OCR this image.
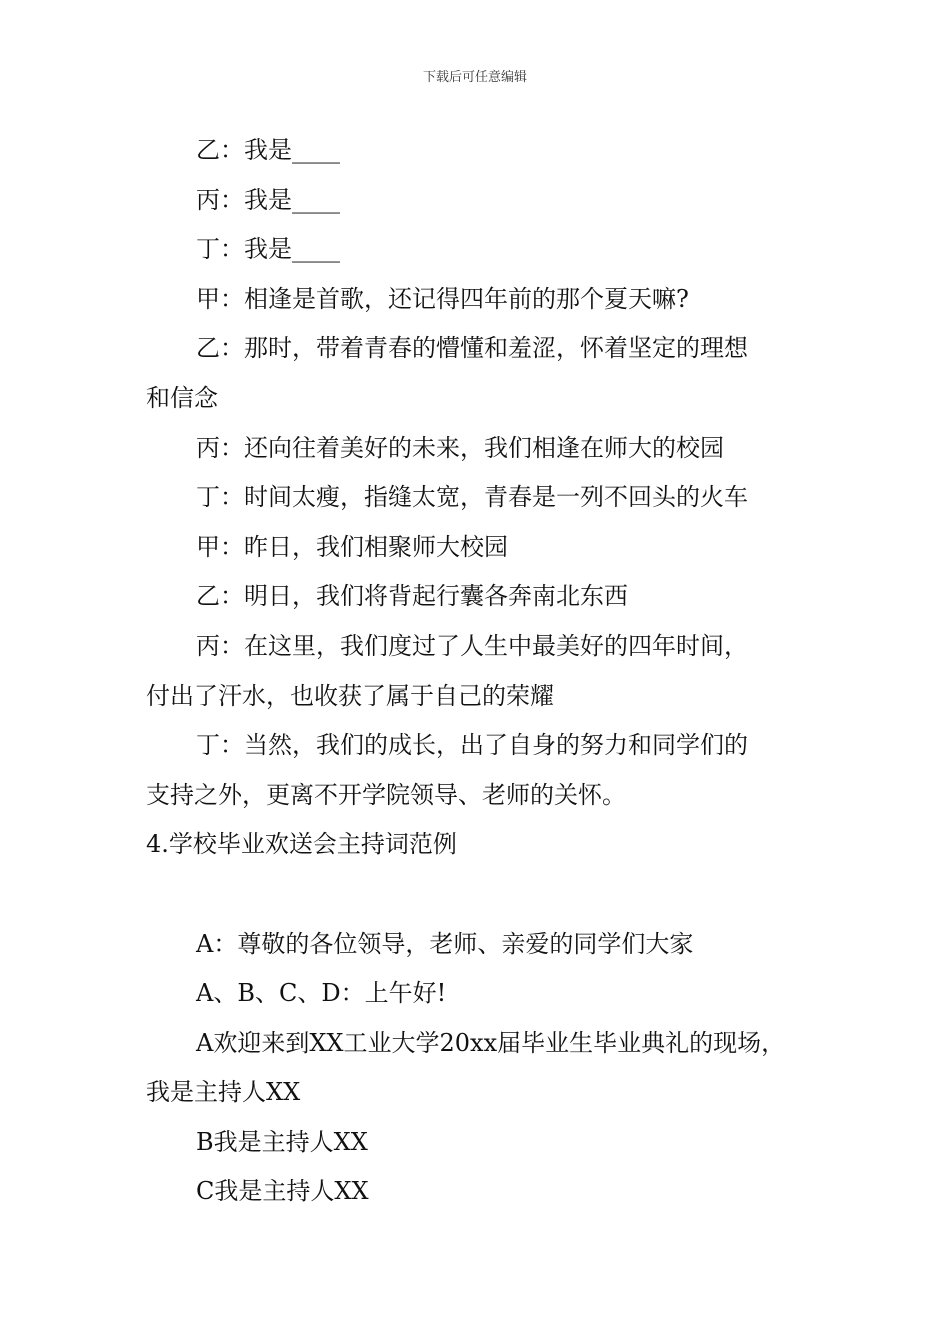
下载后可任意编辑

乙：我是____

丙：我是____

丁：我是____

甲：相逢是首歌，还记得四年前的那个夏天嘛?

乙：那时，带着青春的懵懂和羞涩，怀着坚定的理想

和信念

丙：还向往着美好的未来，我们相逢在师大的校园

丁：时间太瘦，指缝太宽，青春是一列不回头的火车

甲：昨日，我们相聚师大校园

乙：明日，我们将背起行囊各奔南北东西

丙：在这里，我们度过了人生中最美好的四年时间，

付出了汗水，也收获了属于自己的荣耀

丁：当然，我们的成长，出了自身的努力和同学们的

支持之外，更离不开学院领导、老师的关怀。

4.学校毕业欢送会主持词范例

A：尊敬的各位领导，老师、亲爱的同学们大家

A、B、C、D：上午好!

A欢迎来到XX工业大学20xx届毕业生毕业典礼的现场，

我是主持人XX

B我是主持人XX

C我是主持人XX
